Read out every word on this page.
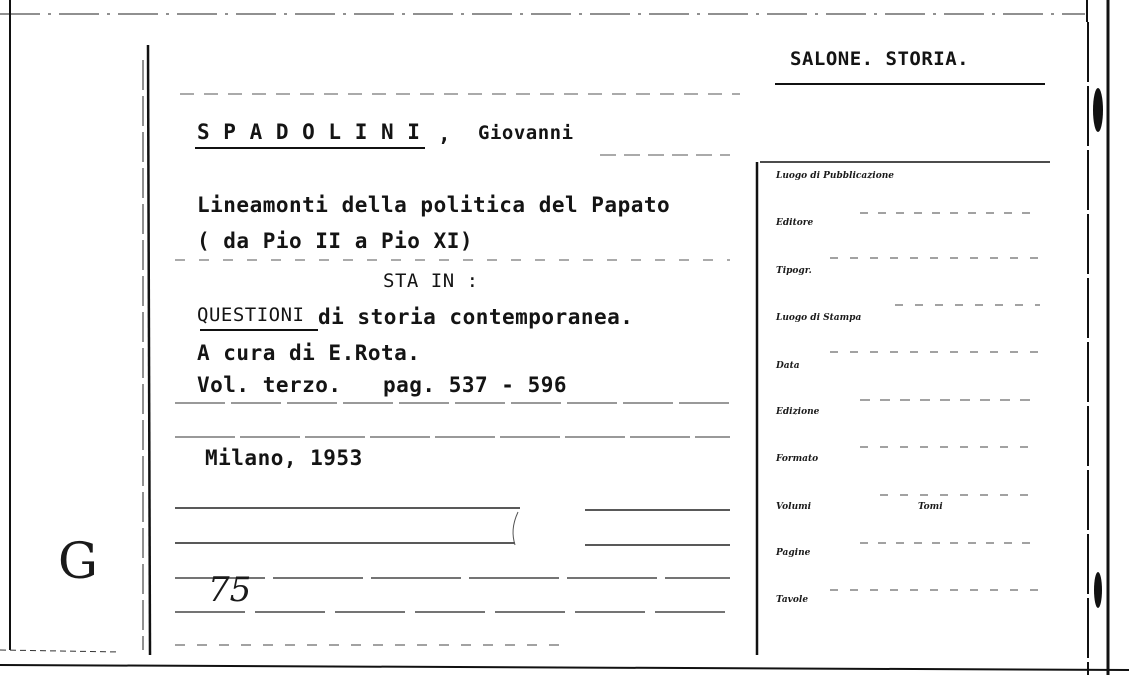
SALONE. STORIA.
S P A D O L I N I , Giovanni
Lineamonti della politica del Papato
( da Pio II a Pio XI)
STA IN :
QUESTIONI di storia contemporanea.
A cura di E.Rota.
Vol. terzo. pag. 537 - 596
Milano, 1953
Luogo di Pubblicazione
Editore
Tipogr.
Luogo di Stampa
Data
Edizione
Formato
Volumi	Tomi
Pagine
Tavole
G	75
